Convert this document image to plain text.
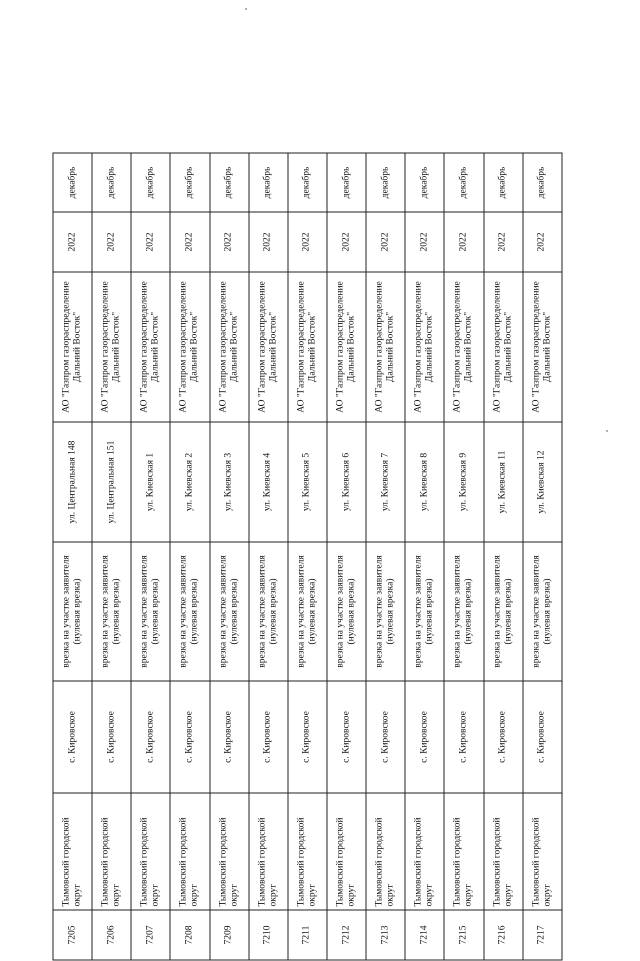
7205	Тымовский городской округ	с. Кировское	врезка на участке заявителя (нулевая врезка)	ул. Центральная 148	АО "Газпром газораспределение Дальний Восток"	2022	декабрь
7206	Тымовский городской округ	с. Кировское	врезка на участке заявителя (нулевая врезка)	ул. Центральная 151	АО "Газпром газораспределение Дальний Восток"	2022	декабрь
7207	Тымовский городской округ	с. Кировское	врезка на участке заявителя (нулевая врезка)	ул. Киевская 1	АО "Газпром газораспределение Дальний Восток"	2022	декабрь
7208	Тымовский городской округ	с. Кировское	врезка на участке заявителя (нулевая врезка)	ул. Киевская 2	АО "Газпром газораспределение Дальний Восток"	2022	декабрь
7209	Тымовский городской округ	с. Кировское	врезка на участке заявителя (нулевая врезка)	ул. Киевская 3	АО "Газпром газораспределение Дальний Восток"	2022	декабрь
7210	Тымовский городской округ	с. Кировское	врезка на участке заявителя (нулевая врезка)	ул. Киевская 4	АО "Газпром газораспределение Дальний Восток"	2022	декабрь
7211	Тымовский городской округ	с. Кировское	врезка на участке заявителя (нулевая врезка)	ул. Киевская 5	АО "Газпром газораспределение Дальний Восток"	2022	декабрь
7212	Тымовский городской округ	с. Кировское	врезка на участке заявителя (нулевая врезка)	ул. Киевская 6	АО "Газпром газораспределение Дальний Восток"	2022	декабрь
7213	Тымовский городской округ	с. Кировское	врезка на участке заявителя (нулевая врезка)	ул. Киевская 7	АО "Газпром газораспределение Дальний Восток"	2022	декабрь
7214	Тымовский городской округ	с. Кировское	врезка на участке заявителя (нулевая врезка)	ул. Киевская 8	АО "Газпром газораспределение Дальний Восток"	2022	декабрь
7215	Тымовский городской округ	с. Кировское	врезка на участке заявителя (нулевая врезка)	ул. Киевская 9	АО "Газпром газораспределение Дальний Восток"	2022	декабрь
7216	Тымовский городской округ	с. Кировское	врезка на участке заявителя (нулевая врезка)	ул. Киевская 11	АО "Газпром газораспределение Дальний Восток"	2022	декабрь
7217	Тымовский городской округ	с. Кировское	врезка на участке заявителя (нулевая врезка)	ул. Киевская 12	АО "Газпром газораспределение Дальний Восток"	2022	декабрь
